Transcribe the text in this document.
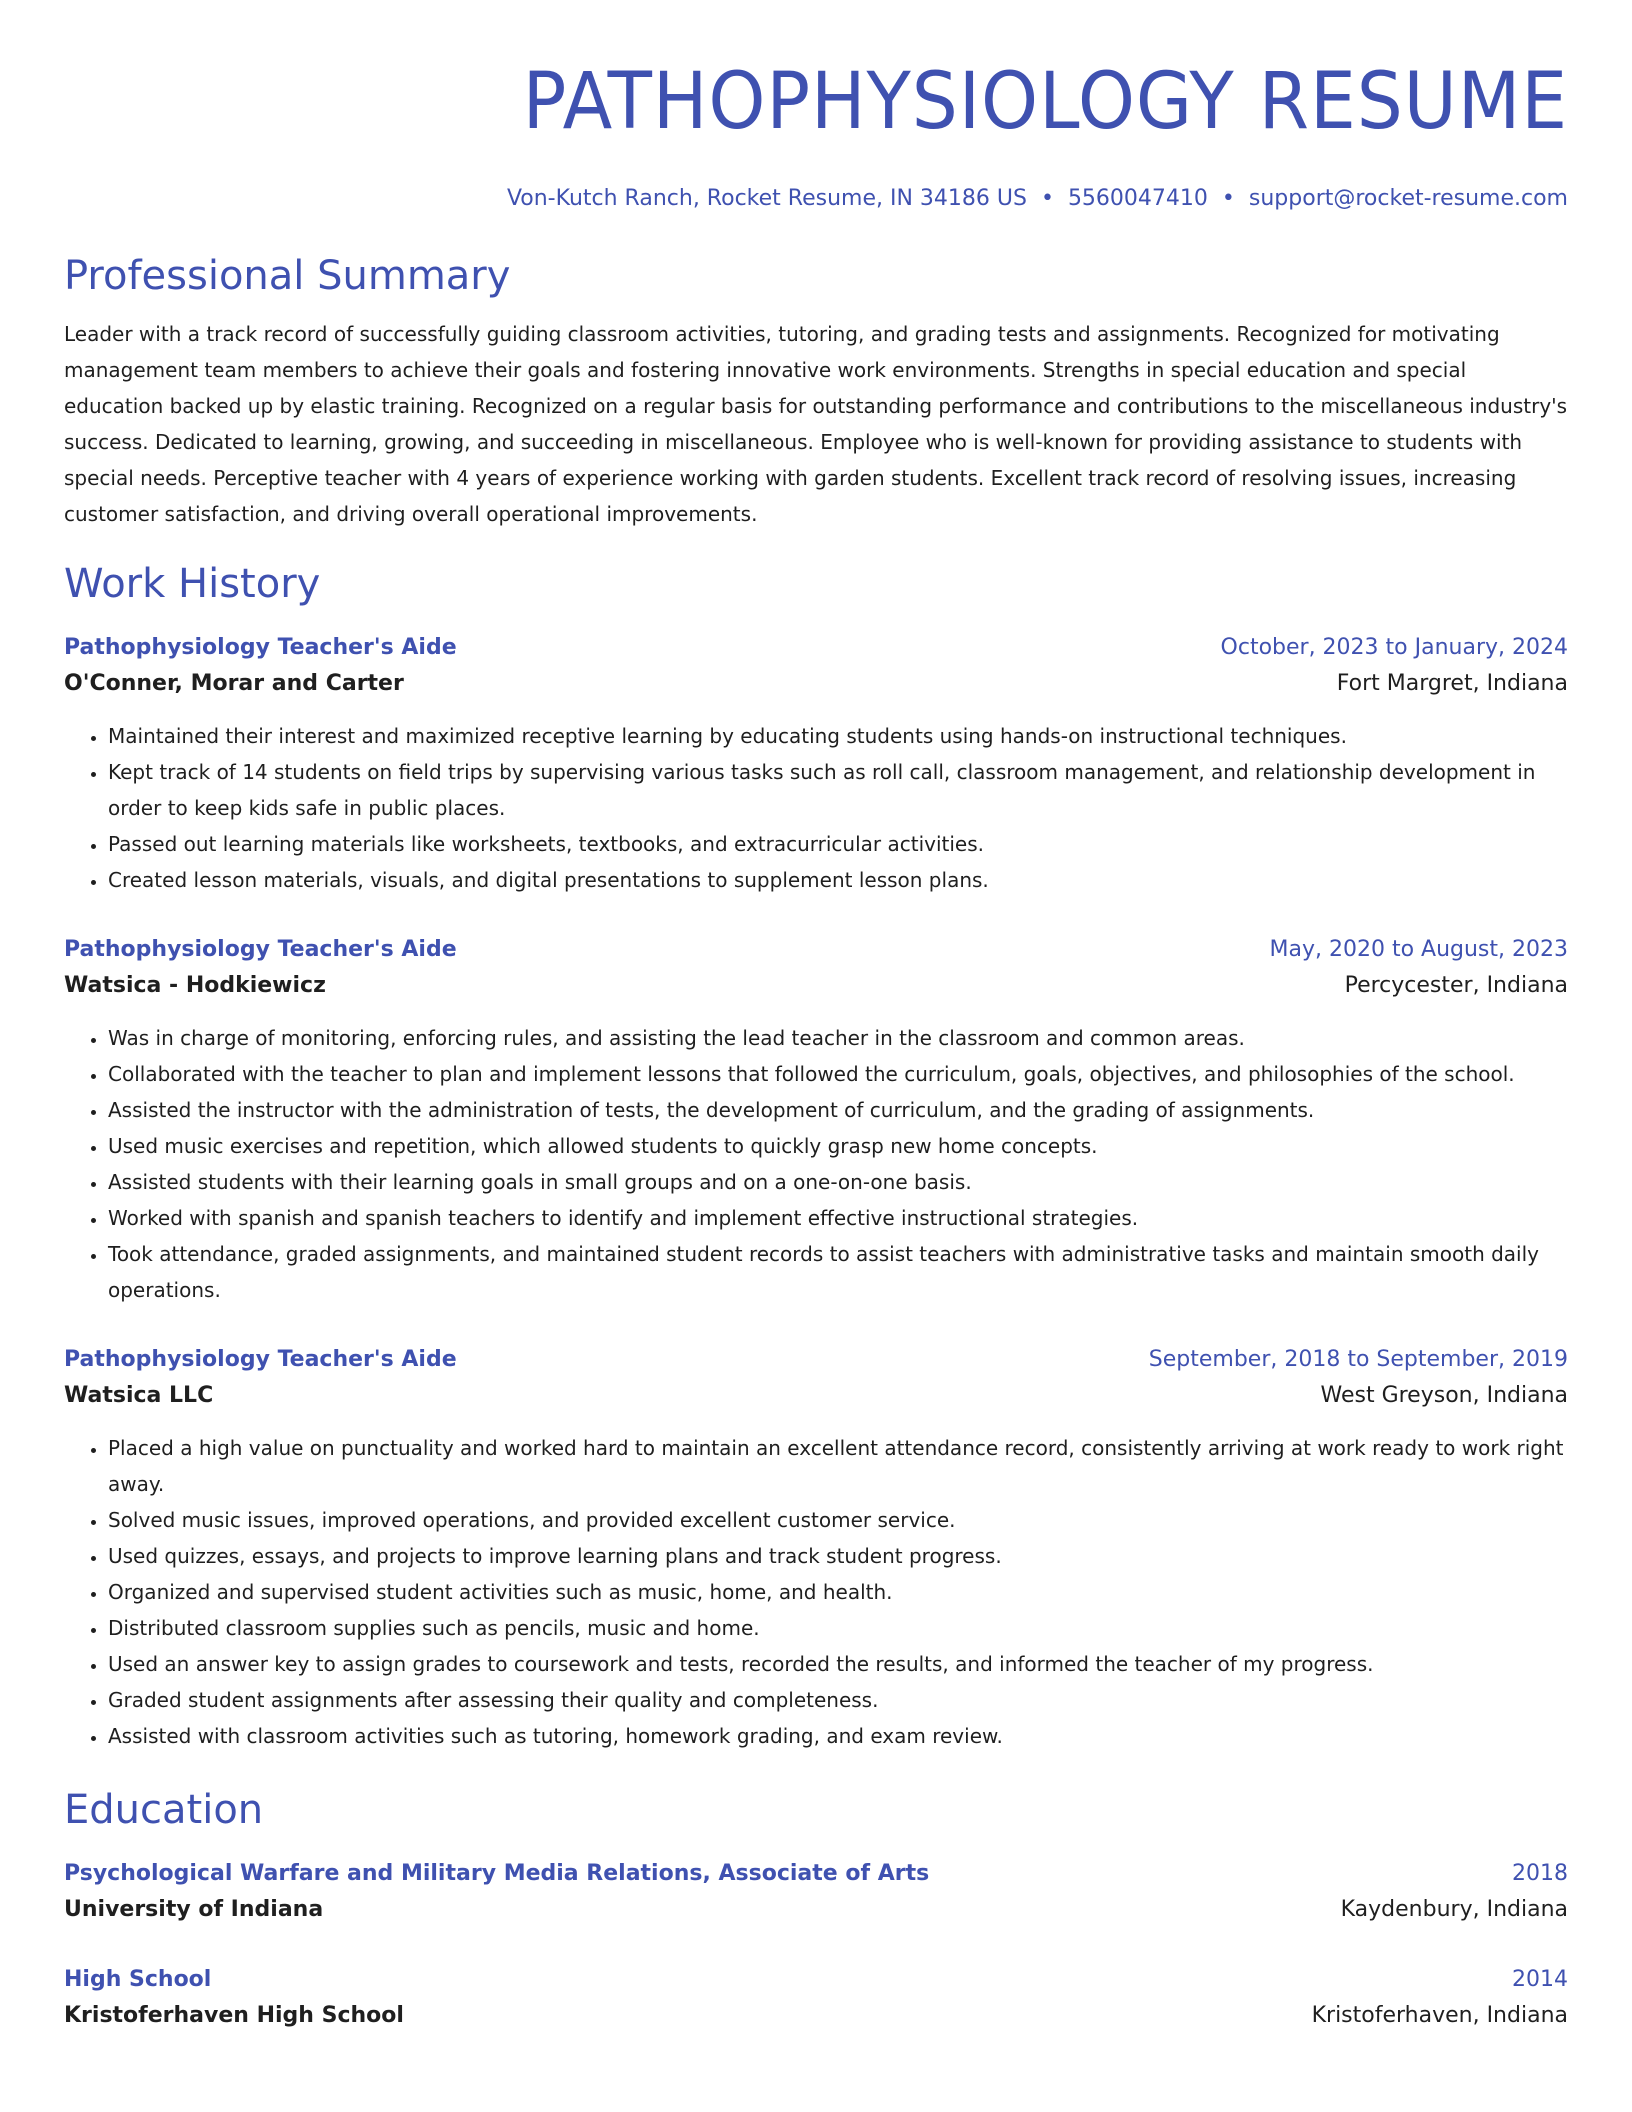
PATHOPHYSIOLOGY RESUME
Von-Kutch Ranch, Rocket Resume, IN 34186 US • 5560047410 • support@rocket-resume.com
Professional Summary
Leader with a track record of successfully guiding classroom activities, tutoring, and grading tests and assignments. Recognized for motivating management team members to achieve their goals and fostering innovative work environments. Strengths in special education and special education backed up by elastic training. Recognized on a regular basis for outstanding performance and contributions to the miscellaneous industry's success. Dedicated to learning, growing, and succeeding in miscellaneous. Employee who is well-known for providing assistance to students with special needs. Perceptive teacher with 4 years of experience working with garden students. Excellent track record of resolving issues, increasing customer satisfaction, and driving overall operational improvements.
Work History
Pathophysiology Teacher's Aide	October, 2023 to January, 2024
O'Conner, Morar and Carter	Fort Margret, Indiana
• Maintained their interest and maximized receptive learning by educating students using hands-on instructional techniques.
• Kept track of 14 students on field trips by supervising various tasks such as roll call, classroom management, and relationship development in order to keep kids safe in public places.
• Passed out learning materials like worksheets, textbooks, and extracurricular activities.
• Created lesson materials, visuals, and digital presentations to supplement lesson plans.
Pathophysiology Teacher's Aide	May, 2020 to August, 2023
Watsica - Hodkiewicz	Percycester, Indiana
• Was in charge of monitoring, enforcing rules, and assisting the lead teacher in the classroom and common areas.
• Collaborated with the teacher to plan and implement lessons that followed the curriculum, goals, objectives, and philosophies of the school.
• Assisted the instructor with the administration of tests, the development of curriculum, and the grading of assignments.
• Used music exercises and repetition, which allowed students to quickly grasp new home concepts.
• Assisted students with their learning goals in small groups and on a one-on-one basis.
• Worked with spanish and spanish teachers to identify and implement effective instructional strategies.
• Took attendance, graded assignments, and maintained student records to assist teachers with administrative tasks and maintain smooth daily operations.
Pathophysiology Teacher's Aide	September, 2018 to September, 2019
Watsica LLC	West Greyson, Indiana
• Placed a high value on punctuality and worked hard to maintain an excellent attendance record, consistently arriving at work ready to work right away.
• Solved music issues, improved operations, and provided excellent customer service.
• Used quizzes, essays, and projects to improve learning plans and track student progress.
• Organized and supervised student activities such as music, home, and health.
• Distributed classroom supplies such as pencils, music and home.
• Used an answer key to assign grades to coursework and tests, recorded the results, and informed the teacher of my progress.
• Graded student assignments after assessing their quality and completeness.
• Assisted with classroom activities such as tutoring, homework grading, and exam review.
Education
Psychological Warfare and Military Media Relations, Associate of Arts	2018
University of Indiana	Kaydenbury, Indiana
High School	2014
Kristoferhaven High School	Kristoferhaven, Indiana
